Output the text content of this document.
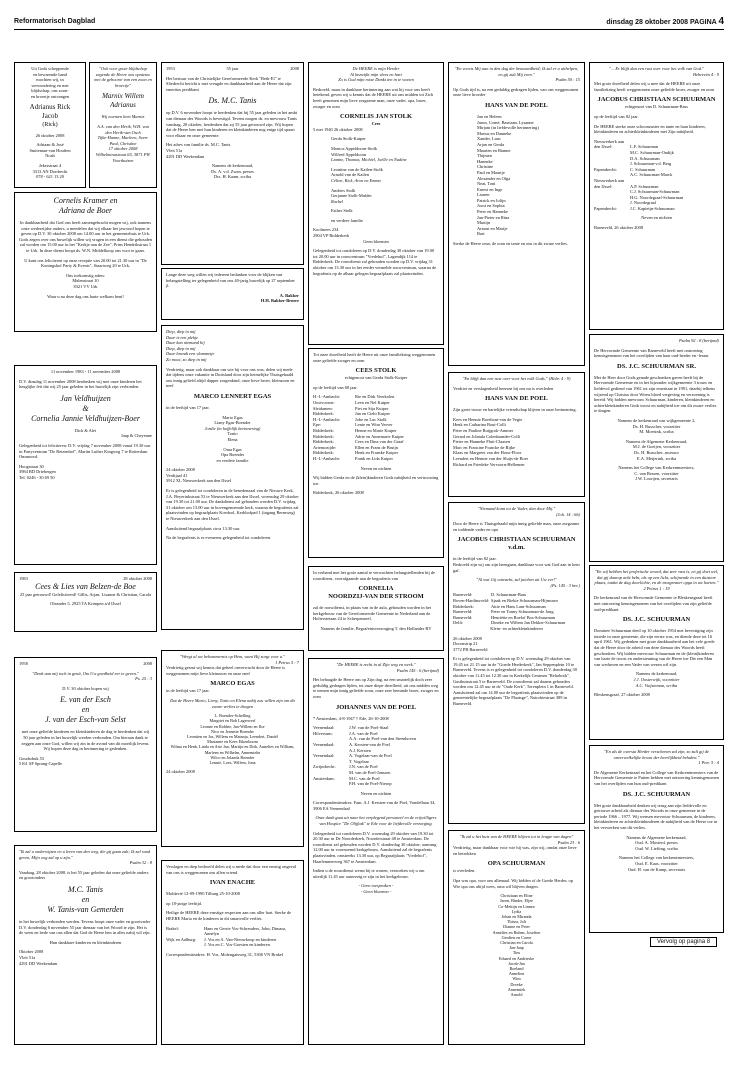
Reformatorisch Dagblad	dinsdag 28 oktober 2008 PAGINA 4
Uit Gods scheppende
en bewarende hand
mochten wij, in
verwondering en met
blijdschap, ons zoon-
en broertje ontvangen
Adrianus Rick
Jacob
(Rick)
26 oktober 2008
Adriaan & José
Smiteman-van Houften
Noah
Jekerstraat 4
3313 AN Dordrecht
078 - 621 13 20
"Ook voor grote blijdschap zegende de Heere ons opnieuw met de geboorte van een zoon en broertje"
Marnix Willem Adrianus
Wij noemen hem Marnix
A.A. van den Herik, W.H. van den Herik-van Osch
Tijke-Hanne, Marleen, Sven-Paul, Christine
17 oktober 2008
Wilhelminastraat 65, 3871 PW Voorthuizen
Cornelis Kramer en
Adriana de Boer
In dankbaarheid dat God ons heeft samengebracht mogen wij, ook namens onze wederzijdse ouders, u meedelen dat wij elkaar het jawoord hopen te geven op D.V. 30 oktober 2008 om 14.00 uur in het gemeentehuis te Urk. Gods zegen over ons huwelijk willen wij vragen in een dienst die gehouden zal worden om 15.00 uur in het "Kerkje aan de Zee", Prins Hendrikstraat 1 te Urk. In deze dienst hoopt ds. W.N. Middelkoop ons voor te gaan.
U kunt ons feliciteren op onze receptie van 20.00 tot 21.30 uur in "De Koningshof Party & Events", Staartweg 20 te Urk.
Ons toekomstig adres:
Malenstraat 10
8321 VV Urk
Waar u na deze dag ons harte welkom bent!
11 november 1983 - 11 november 2008
D.V. dinsdag 11 november 2008 herdenken wij met onze kinderen het heuglijke feit dat wij 25 jaar geleden in het huwelijk zijn verbonden.
Jan Veldhuijzen
&
Cornelia Jannie Veldhuijzen-Boer
Dick & Alet
Jaap & Cheyenne
Gelegenheid tot feliciteren: D.V. vrijdag 7 november 2008 vanaf 19.30 uur in Partycentrum "De Reizenhof", Martin Luther Kingweg 7 te Rotterdam Ommoord.
Hoogstraat 30
3984 BD Driebergen
Tel. 0246 - 30 69 50
1983	28 oktober 2008
Cees & Lies van Belzen-de Boe
25 jaar getrouwd! Gefeliciteerd! Gillis, Arjan, Lisanne & Christian, Carola
Oleander 5, 2925 TA Krimpen a/d IJssel
1958	2008
"Denk aan mij toch in genâ, Om Uw goedheid eer te geven."
Ps. 25 : 3
D.V. 30 oktober hopen wij
E. van der Esch
en
J. van der Esch-van Selst
met onze geliefde kinderen en kleinkinderen de dag te herdenken dat wij 50 jaar geleden in het huwelijk werden verbonden. Om hieraan dank te zeggen aan onze God, willen wij zin in de avond van dit moeilijk levens. Wij hopen deze dag in herinnering te gedenken.
Goudsdruk 53
5161 SP Sprang-Capelle
"Ik zal u onderwijzen en u leren van den weg, die gij gaan zult; Ik zal raad geven, Mijn oog zal op u zijn."
Psalm 32 : 8
Vandaag, 28 oktober 2008, is het 55 jaar geleden dat onze geliefde ouders en grootouders
M.C. Tanis
en
W. Tanis-van Gemerden
in het huwelijk verbonden werden. Tevens hoopt onze vader en grootvader D.V. donderdag 6 november 55 jaar dienaar van het Woord te zijn. Het is de wens en bede van ons allen dat God de Heere hen in alles nabij wil zijn.
Hun dankbare kinderen en kleinkinderen
Oktober 2008
Vleit 51a
4291 DD Werkendam
1953	55 jaar	2008
Het bestuur van de Christelijke Gereformeerde Kerk "Beth-El" te Sliedrecht bericht u met vreugde en dankbaarheid aan de Heere dat zijn emeritus predikant
Ds. M.C. Tanis
op D.V. 6 november hoopt te herdenken dat hij 55 jaar geleden in het ambt van dienaar des Woords is bevestigd. Tevens mogen ds. en mevrouw Tanis vandaag, 28 oktober, herdenken dat zij 55 jaar getrouwd zijn. Wij hopen dat de Heere hen met hun kinderen en kleinkinderen nog enige tijd spaart voor elkaar en onze gemeente.
Het adres van familie ds. M.C. Tanis
Vleit 51a
4291 DD Werkendam
Namens de kerkenraad,
Ds. A. v.d. Zwan, preses
Drs. H. Kaam, scriba
Lange deze weg willen wij iedereen bedanken voor de blijken van belangstelling ter gelegenheid van ons 40-jarig huwelijk op 27 september jl.
A. Bakker
H.H. Bakker-Broere
Diep, diep in mij
Daar is een plekje
Daar kan niemand bij
Diep, diep in mij
Daar brandt een vlammetje
Zo mooi, zo diep in mij
Verdrietig, maar ook dankbaar om wie hij voor ons was, delen wij mede dat tijdens onze vakantie in Duitsland door zijn heimelijke Thuisgehaald ons innig geliefd altijd dapper zorgenkind, onze lieve broer, kleinzoon en neef
MARCO LENNERT EGAS
in de leeftijd van 17 jaar.
Mario Egas
Liany Egas-Boender
Jordie (in hoffelijk herinnering)
Tonio
Elena
Oma Egas
Opa Boender
en verdere familie
24 oktober 2008
Verdijaal 41
3912 XL Nieuwerkerk aan den IJssel
Er is gelegenheid tot condoleren in de benedenzaal van de Nieuwe Kerk, J.A. Beyerinkstraat 53 te Nieuwerkerk aan den IJssel, woensdag 29 oktober van 19.30 tot 21.00 uur. De dankdienst zal gehouden worden D.V. vrijdag 31 oktober om 13.00 uur in bovengenoemde kerk, waarna de begrafenis zal plaatsvinden op begraafplaats Koedool, Kerkhofpad 1 (ingang Bermweg) te Nieuwerkerk aan den IJssel.
Aansluitend begraafplaats circa 13.30 uur.
Na de begrafenis is er eveneens gelegenheid tot condoleren.
"Wergt al uw bekommernis op Hem, want Hij zorgt voor u."
1 Petrus 5 : 7
Verdrietig gesmt wij kennis dat geheel onverwacht door de Heere is weggenomen mijn lieve kleinzoon en onze neef
MARCO EGAS
in de leeftijd van 17 jaar.
Dat de Heere Mario, Lieny, Tonio en Elena nabij zou willen zijn om dit zware verlies te dragen
L. Boender-Schelling
Margriet en Bob Lagerwerf
Leonne en Robbie, Jan-Willem en Ilse
Nico en Jeanette Boender
Leontien en Jos, Willem en Matanja, Leendert, Daniël
Marianne en Kees Eikenboom
Wilma en Henk, Linda en Arie Jan, Martijn en Dirk, Annelies en William, Marleen en Wilhelm, Annemieke
Wilco en Jolanda Boender
Lennie, Loes, Willem, Jona
24 oktober 2008
Verslagen en diep bedroefd delen wij u mede dat door een ernstig ongeval van ons is weggenomen ons allen vriend
IVAN ENACHE
Moldavië 12-09-1990 Tilburg 25-10-2008
op 18-jarige leeftijd.
Heilige de HEERE deze ernstige respecten aan ons aller hart. Sterke de HEERE Maria en de kinderen in dit smartvolle verlies.
Brakel:	Hans en Gerrie Vos-Schreuders, John, Dimara, Annelyn
Wijk en Aalburg:	J. Vos en A. Van-Nieuwkoop en kinderen
J. Vos en C. Vos-Goesten en kinderen
Correspondentieadres: H. Vos, Molengatsweg 31, 5306 VN Brakel
De HEERE is mijn Herder
Al bezwijkt mijn vlees en hart
Zo is God mijn rotse Dankt ten in te wonen
Bedroefd, maar in dankbare herinnering aan wat hij voor ons heeft betekend, geven wij u kennis dat de HEERE uit ons midden tot Zich heeft genomen mijn lieve zorgzame man, onze vader, opa, broer, zwager en oom
CORNELIS JAN STOLK
Cees
5 mei 1940 26 oktober 2008
Gerda Stolk-Kuiper
Monica Appeldoorn-Stolk
Wilfred Appeldoorn
Lianne, Thomas, Michiel, Joëlle en Nadine
Leontine van de Kailen-Stolk
Arnold van de Kailen
Céline, Rick, Aron en Emma
Andries Stolk
Gerjanne Stolk-Mulder
Rachel
Esther Stolk
en verdere familie
Koolmees 234
2904 VP Ridderkerk
Geen bloemen
Gelegenheid tot condoleren op D.V. donderdag 30 oktober van 19.00 tot 20.00 uur in rouwcentrum "Vredehof", Lagendijk 114 te Ridderkerk. De rouwdienst zal gehouden worden op D.V. vrijdag 31 oktober om 13.30 uur in het eerder vermelde rouwcentrum, waarna de begrafenis op de alhaar gelegen begraafplaats zal plaatsvinden.
Tot onze droefheid heeft de Heere uit onze familiekring weggenomen onze geliefde zwager en oom
CEES STOLK
echtgenoot van Gerda Stolk-Kuiper
op de leeftijd van 68 jaar.
H.-I.-Ambacht:	Rie en Dirk Veerkolen
Oostvoorne:	Leen en Nel Kuiper
Sleidamen:	Piet en Stja Kuiper
Ridderkerk:	Jan en Ciehi Kuiper
H.-I.-Ambacht:	Joke en Luc Stolk
Epe:	Lenie en Wim Verver
Ridderkerk:	Henne en Marie Kuiper
Ridderkerk:	Adrie en Annemarie Kuiper
Ridderkerk:	Cees en Dina van der Graaf
Artemozijde:	Ellen en Frans de Bruijn
Ridderkerk:	Henk en Franske Kuiper
H.-I.-Ambacht:	Frank en Lida Kuiper
Neven en nichten
Wij bidden Gerda en de (klein)kinderen Gods nabijheid en vertroosting toe.
Ridderkerk, 26 oktober 2008
In verband met het grote aantal te verwachten belangstellenden bij de rouwdienst, voorafgaande aan de begrafenis van
CORNELIA
NOORDZIJ-VAN DER STROOM
zal de rouwdienst, in plaats van in de aula, gehouden worden in het kerkgebouw van de Gereformeerde Gemeente in Nederland aan de Holtersteiaan 24 te Scherpenzeel.
Namens de familie, Begrafenisverzorging T. den Hollander BV
"De HEERE is recht in al Zijn weg en werk."
Psalm 145 : 6 (berijmd)
Het behaagde de Heere om op Zijn dag, na een smartelijk doch zeer geduldig gedragen lijden, tot onze diepe droefheid, uit ons midden weg te nemen mijn innig geliefde zoon, onze zeer beminde broer, zwager en oom
JOHANNES VAN DE POEL
* Amsterdam, 4-8-1947 † Ede, 26-10-2008
Veenendaal:	J.W. van de Poel-Staal
Hilversum:	J.A. van de Poel
A.A. van de Poel-van den Steenhoven
Veenendaal:	A. Kersten-van de Poel
A.J. Kersten
Veenendaal:	A. Vogelaar-van de Poel
T. Vogelaar
Zwijndrecht:	J.N. van de Poel
M. van de Poel-Janssen
Amsterdam:	M.C. van de Poel
P.H. van de Poel-Nierop
Neven en nichten
Correspondentieadres: Fam. A.J. Kersten-van de Poel, Vondellaan 34, 3906 EA Veenendaal
Onze dank gaat uit naar het verplegend personeel en de vrijwilligers van Hospice "De Olijftak" te Ede voor de liefdevolle verzorging.
Gelegenheid tot condoleren D.V. woensdag 29 oktober van 19.30 tot 20.30 uur in De Noorderkerk, Noorderstraat 48 te Amsterdam. De rouwdienst zal gehouden worden D.V. donderdag 30 oktober, aanvang 12.00 uur in voornoemd kerkgebouw. Aansluitend zal de begrafenis plaatsvinden, omstreeks 13.30 uur, op Begraafplaats "Vredehof", Haarlemmerweg 367 te Amsterdam.
Indien u de rouwdienst wenst bij te wonen, verzoeken wij u om uiterlijk 11.45 uur aanwezig te zijn in het kerkgebouw.
- Geen toespraken -
- Geen bloemen -
"En voorts Mij aan in den dag der benauwdheid; Ik zal er u uithelpen, en gij zult Mij eren."
Psalm 50 : 15
Op Gods tijd is, na een geduldig gedragen lijden, van ons weggenomen onze lieve broeder
HANS VAN DE POEL
Jan en Heleen
Jaron, Corné, Bastiaan, Lysanne
Mirjam (in liefdevolle herinnering)
Marius en Danneke
Xander, Luuc
Arjan en Gerda
Maarten en Bianne
Thijmen
Hanneke
Christine
Paul en Maartje
Alexander en Olga
Neat, Toni
Ernest en Inge
Lauren
Patrick en Jolijn
Joost en Sophia
Peter en Hanneke
Jan-Pieter en Rina
Martijn
Arnout en Marije
Bart
Sterke de Heere oma, de oom en tante en ons in dit zware verlies.
"En blijft dan een rust over voor het volk Gods." (Hebr. 4 : 9)
Verdriet en verslagenheid heersen bij ons nu is overleden
HANS VAN DE POEL
Zijn grote trouw en hartelijke vriendschap blijven in onze herinnering.
Kees en Hennie Boerhout-van de Vegte
Henk en Catharina Bout-Colli
Peter en Pauline Ruijgrok-Ammer
Gerard en Jolanda Colenbrander-Colli
Pieter en Hanneke Fluit-Claasen
Marc en Francine Francke de Rijke
Klaas en Margreet van der Horst-Floor
Leendert en Hennie van der Sluijs-de Boer
Richard en Friedeke Vervoorn-Hellemen
"Niemand komt tot de Vader, dan door Mij."
(Joh. 14 : 6b)
Door de Heere is Thuisgehaald mijn innig geliefde man, onze zorgzame en toddende vader en opa
JACOBUS CHRISTIAAN SCHUURMAN v.d.m.
in de leeftijd van 82 jaar.
Bedroefd zijn wij om zijn heengaan, dankbaar voor wat God aan in hem gaf.
"Al wat Gij ontvacht, zal juichen uit Uw eer!"
(Ps. 145 : 3 ber.)
Barneveld:	D. Schuurman-Bass
Boven-Hardinxveld: Sjaak en Riekie Schuurman-Hijmssen
Ridderkerk:	Attie en Hans Lam-Schuurman
Barneveld:	Peter en Tonny Schuurman-de Jong
Barneveld:	Henriëtte en Roelof Bos-Schuurman
Delft:	Dineke en Willem Jan Dekker-Schuurman
Klein- en achterkleinkinderen
26 oktober 2008
Doornstrip 21
3772 PB Barneveld
Er is gelegenheid tot condoleren op D.V. woensdag 29 oktober van 19.45 tot 21.15 uur in de "Goede Herderkerk", Jan Seppenplein 10 te Barneveld. Tevens is er gelegenheid tot condoleren D.V. donderdag 30 oktober van 11.45 tot 12.30 uur in Kerkelijk Centrum "Rehoboth", Gasthuisstraat 5 te Barneveld. De rouwdienst zal daarna gehouden worden om 12.45 uur in de "Oude Kerk", Torenplein 1 in Barneveld. Aansluitend zal om 14.00 uur de begrafenis plaatsvinden op de gemeentelijke begraafplaats "De Plaatsge", Nairobiestraat 389 in Barneveld.
"Ik zal u het huis van de HEERE blijven tot in lengte van dagen"
Psalm 23 : 6
Verdrietig, maar dankbaar voor wie hij was, zijn wij, omdat onze lieve en betrokken
OPA SCHUURMAN
is overleden.
Opa was opa, voor ons allemaal. Wij bidden of de Goede Herder, op Wie opa ons altijd wees, oma wil blijven dragen.
Christiaan en Eline
Jaron, Binder, Eljee
Co-Mettijn en Linnea
Lydia
Johan en Miranda
Thirza, Jolt
Dianne en Peter
Annelies en Ruben, Josefine
Gerdien en Corne
Christian en Carola
Jan-Jaap
Tins
Eduard en Andrieske
Jacob-Jan
Roeland
Annelien
Wim
Doreke
Annemiek
Arnold
"... Er blijft dan een rust over voor het volk van God."
Hebreeën 4 : 9
Met grote droefheid delen wij u mee dat de HEERE uit onze familiekring heeft weggenomen onze geliefde broer, zwager en oom
JACOBUS CHRISTIAAN SCHUURMAN
echtgenoot van D. Schuurman-Bass
op de leeftijd van 82 jaar.
De HEERE sterke onze schoonzuster en tante en haar kinderen, kleinkinderen en achterkleinkinderen met Zijn nabijheid.
Nieuwerkerk aan
den IJssel:	L.F. Schuurman
M.C. Schuurman-Oudijk
D.A. Schuurman
J. Schuurman-v.d. Berg
Papendrecht:	C. Schuurman
A.C. Schuurman-Marck
Nieuwerkerk aan
den IJssel:	A.P. Schuurman
C.J. Schuurman-Schuurman
H.G. Noordegraaf-Schuurman
J. Noordegraaf
Papendrecht:	J.C. Kapteijn-Schuurman
Neven en nichten
Barneveld, 26 oktober 2008
Psalm 92 : 8 (berijmd)
De Hervormde Gemeente van Barneveld heeft met ontroering kennisgenomen van het overlijden van haar oud-herder en -leraar
DS. J.C. SCHUURMAN SR.
Met de Heer door Gods genade geschonken gaven heeft hij de Hervormde Gemeente en in het bijzonder wijkgemeente 3 trouw en liefdevol gediend van 1961 tot zijn emeritaat in 1991, daarbij telkens wijzend op Christus door Wiens bloed vergeving en verzoening is bereid. Wij bidden mevrouw Schuurman, kinderen, kleinkinderen en achterkleinkinderen Gods troost en nabijheid toe om dit zware verlies te dragen.
Namens de kerkenraad van wijkgemeente 2,
Ds. H. Russcher, voorzitter
M. Moesink, scriba
Namens de Algemene Kerkenraad,
M.J. de Goeijen, voorzitter
Ds. H. Russcher, assessor
E.A. Meijerink, scriba
Namens het College van Kerkrentmeesters,
C. van Bessen, voorzitter
J.W. Loorijen, secretaris
"En wij hebben het profetische woord, dat zeer vast is, en gij doet wel, dat gij daarop acht hebt, als op een licht, schijnende in een duistere plaats, totdat de dag doorlichte, en de morgenster opga in uw harten." 2 Petrus 1 : 19
De kerkenraad van de Hervormde Gemeente te Bleskensgraaf heeft met ontroering kennisgenomen van het overlijden van zijn geliefde oud-predikant
DS. J.C. SCHUURMAN
Dominee Schuurman deed op 10 oktober 1954 met bevestiging zijn intrede in onze gemeente, die zijn eerste was, en diende deze tot 16 april 1961. Wij gedenken met grote dankbaarheid aan het vele goede dat de Heere door de arbeid van deze dienaar des Woords heeft geschonken. Wij bidden mevrouw Schuurman en de (klein)kinderen van harte de troost en ondersteuning van de Heere toe Die een Man van weduwen en een Vader van wezen wil zijn.
Namens de kerkenraad,
J.J. Oosterwijk, voorzitter
A.C. Vuijsteman, scriba
Bleskensgraaf, 27 oktober 2008
"En als de oversta Herder verschenen zal zijn, zo zult gij de onverwelkelijke kroon der heerlijkheid behalen."
1 Petr. 5 : 4
De Algemene Kerkenraad en het College van Kerkrentmeesters van de Hervormde Gemeente te Putten hebben met ontroering kennisgenomen van het overlijden van hun oud-predikant
DS. J.C. SCHUURMAN
Met grote dankbaarheid denken wij terug aan zijn liefdevolle en getrouwe arbeid als dienaar des Woords in onze gemeente in de periode 1966 – 1977. Wij wensen mevrouw Schuurman, de kinderen, kleinkinderen en achterkleinkinderen de nabijheid van de Heere toe in het verwerken van dit verlies.
Namens de Algemene kerkenraad,
Oud. A. Mosterd, preses
Oud. W. Liefting, scriba
Namens het College van kerkrentmeesters,
Oud. E. Kaas, voorzitter
Oud. H. van de Kamp, secretaris
Vervolg op pagina 8
